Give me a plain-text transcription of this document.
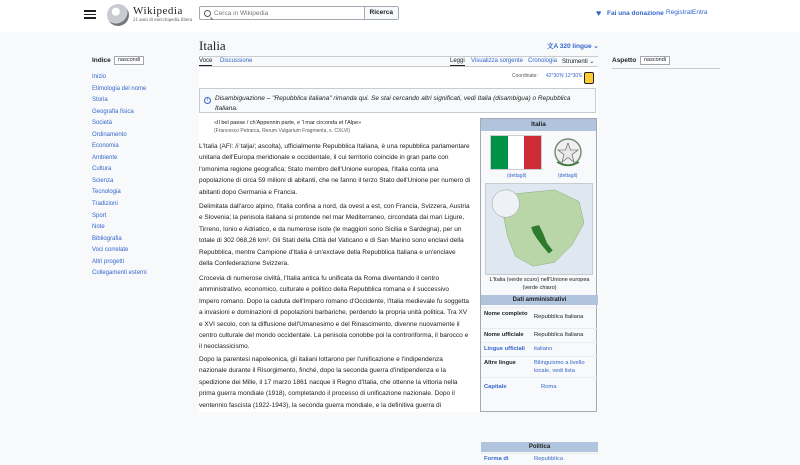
Wikipedia
21 anni di enciclopedia libera
Cerca in Wikipedia
Ricerca	♥ Fai una donazione Registrati
Entra
Indice	nascondi
Inizio
Etimologia del nome
Storia
Geografia fisica
Società
Ordinamento
Economia
Ambiente
Cultura
Scienza
Tecnologia
Tradizioni
Sport
Note
Bibliografia
Voci correlate
Altri progetti
Collegamenti esterni
Italia	文A 320 lingue ⌄
Voce Discussione	Leggi Visualizza sorgente Cronologia Strumenti ⌄
i	Disambiguazione – "Repubblica italiana" rimanda qui. Se stai cercando altri significati, vedi Italia (disambigua) o Repubblica Italiana.
«Il bel paese / ch'Appennin parte, e 'l mar circonda et l'Alpe»
(Francesco Petrarca, Rerum Vulgarium Fragmenta, s. CXLVI)

L'Italia (AFI: /iˈtalja/; ascolta), ufficialmente Repubblica Italiana, è una repubblica parlamentare unitaria dell'Europa meridionale e occidentale, il cui territorio coincide in gran parte con l'omonima regione geografica; Stato membro dell'Unione europea, l'Italia conta una popolazione di circa 59 milioni di abitanti, che ne fanno il terzo Stato dell'Unione per numero di abitanti dopo Germania e Francia.

Delimitata dall'arco alpino, l'Italia confina a nord, da ovest a est, con Francia, Svizzera, Austria e Slovenia; la penisola italiana si protende nel mar Mediterraneo, circondata dai mari Ligure, Tirreno, Ionio e Adriatico, e da numerose isole (le maggiori sono Sicilia e Sardegna), per un totale di 302 068,26 km². Gli Stati della Città del Vaticano e di San Marino sono enclavi della Repubblica, mentre Campione d'Italia è un'exclave della Repubblica Italiana e un'enclave della Confederazione Svizzera.

Crocevia di numerose civiltà, l'Italia antica fu unificata da Roma diventando il centro amministrativo, economico, culturale e politico della Repubblica romana e il successivo Impero romano. Dopo la caduta dell'Impero romano d'Occidente, l'Italia medievale fu soggetta a invasioni e dominazioni di popolazioni barbariche, perdendo la propria unità politica. Tra XV e XVI secolo, con la diffusione dell'Umanesimo e del Rinascimento, divenne nuovamente il centro culturale del mondo occidentale. La penisola conobbe poi la controriforma, il barocco e il neoclassicismo.

Dopo la parentesi napoleonica, gli italiani lottarono per l'unificazione e l'indipendenza nazionale durante il Risorgimento, finché, dopo la seconda guerra d'indipendenza e la spedizione dei Mille, il 17 marzo 1861 nacque il Regno d'Italia, che ottenne la vittoria nella prima guerra mondiale (1918), completando il processo di unificazione nazionale. Dopo il ventennio fascista (1922-1943), la seconda guerra mondiale, e la definitiva guerra di

Italia
(dettagli)	(dettagli)
L'Italia (verde scuro) nell'Unione europea (verde chiaro)
Dati amministrativi
Nome completo	Repubblica Italiana
Nome ufficiale	Repubblica Italiana
Lingue ufficiali	italiano
Altre lingue	Bilinguismo a livello locale, vedi lista
Capitale	Roma
Politica
Forma di	Repubblica
Coordinate: 42°30′N 12°30′E
Aspetto	nascondi
